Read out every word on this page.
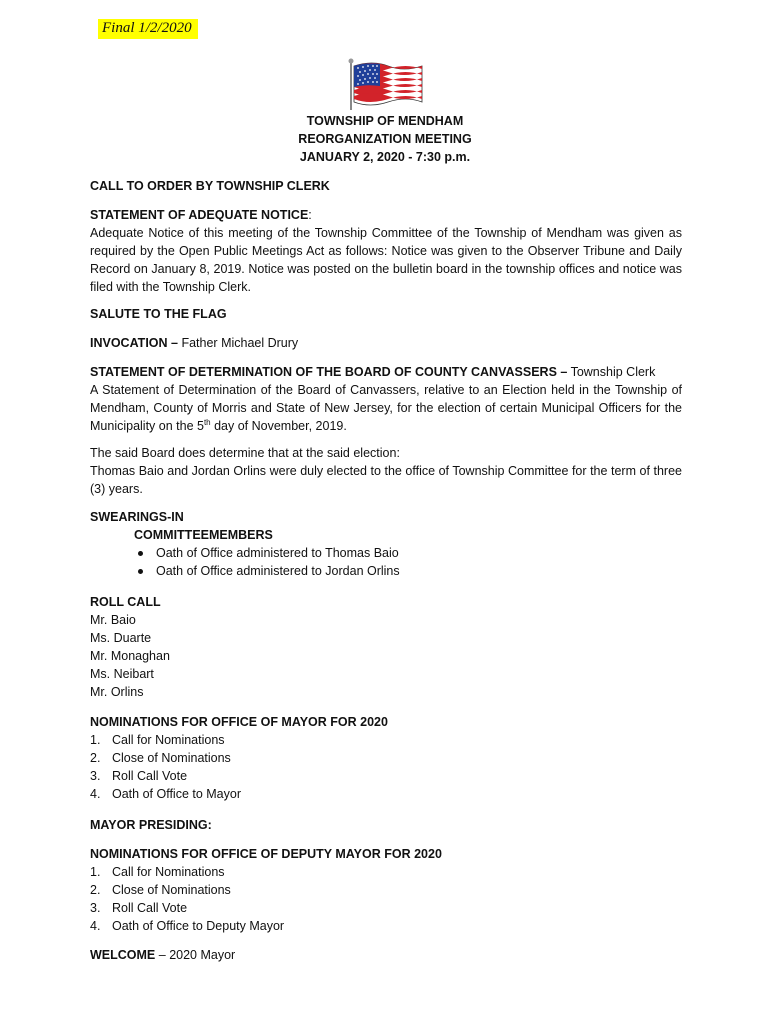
Final 1/2/2020
TOWNSHIP OF MENDHAM
REORGANIZATION MEETING
JANUARY 2, 2020 - 7:30 p.m.
CALL TO ORDER BY TOWNSHIP CLERK
STATEMENT OF ADEQUATE NOTICE:
Adequate Notice of this meeting of the Township Committee of the Township of Mendham was given as required by the Open Public Meetings Act as follows: Notice was given to the Observer Tribune and Daily Record on January 8, 2019. Notice was posted on the bulletin board in the township offices and notice was filed with the Township Clerk.
SALUTE TO THE FLAG
INVOCATION – Father Michael Drury
STATEMENT OF DETERMINATION OF THE BOARD OF COUNTY CANVASSERS – Township Clerk
A Statement of Determination of the Board of Canvassers, relative to an Election held in the Township of Mendham, County of Morris and State of New Jersey, for the election of certain Municipal Officers for the Municipality on the 5th day of November, 2019.
The said Board does determine that at the said election:
Thomas Baio and Jordan Orlins were duly elected to the office of Township Committee for the term of three (3) years.
SWEARINGS-IN
COMMITTEEMEMBERS
Oath of Office administered to Thomas Baio
Oath of Office administered to Jordan Orlins
ROLL CALL
Mr. Baio
Ms. Duarte
Mr. Monaghan
Ms. Neibart
Mr. Orlins
NOMINATIONS FOR OFFICE OF MAYOR FOR 2020
1. Call for Nominations
2. Close of Nominations
3. Roll Call Vote
4. Oath of Office to Mayor
MAYOR PRESIDING:
NOMINATIONS FOR OFFICE OF DEPUTY MAYOR FOR 2020
1. Call for Nominations
2. Close of Nominations
3. Roll Call Vote
4. Oath of Office to Deputy Mayor
WELCOME – 2020 Mayor
